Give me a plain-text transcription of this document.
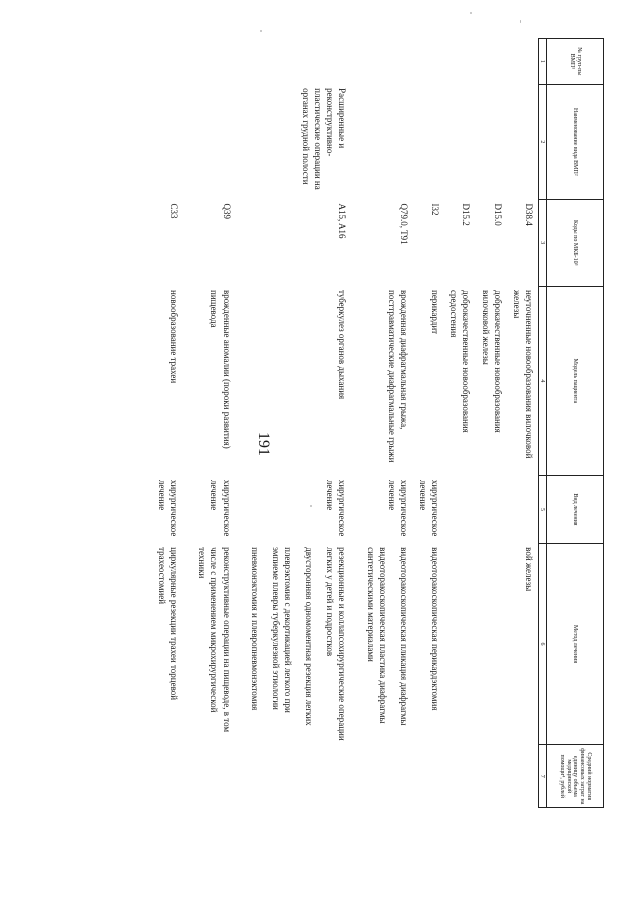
191
№ груп-пы ВМП¹	Наименование вида ВМП²	Коды по МКБ-10³	Модель пациента	Вид лечения	Метод лечения	Средний норматив финансовых затрат на единицу объема медицинской помощи⁴, рублей
1	2	3	4	5	6	7
		D38.4	неуточненные новообразования вилочковой железы		вой железы	

		D15.0	доброкачественные новообразования вилочковой железы			
		D15.2	доброкачественные новообразования средостения			
		I32	перикардит	хирургическое лечение	видеоторакоскопическая перикардэктомия	

		Q79.0, T91	врожденная диафрагмальная грыжа, посттравматические диафрагмальные грыжи	хирургическое лечение	видеоторакоскопическая пликация диафрагмы
видеоторакоскопическая пластика диафрагмы синтетическими материалами	

	Расширенные и реконструктивно-пластические операции на органах грудной полости	A15, A16	туберкулез органов дыхания	хирургическое лечение	резекционные и коллапсохирургические операции легких у детей и подростков
двусторонняя одномоментная резекция легких
плеврэктомия с декортикацией легкого при эмпиеме плевры туберкулезной этиологии
пневмонэктомия и плевропневмонэктомия	

		Q39	врожденные аномалии (пороки развития) пищевода	хирургическое лечение	реконструктивные операции на пищеводе, в том числе с применением микрохирургической техники	

		C33	новообразование трахеи	хирургическое лечение	циркулярные резекции трахеи торцевой трахеостомией	
